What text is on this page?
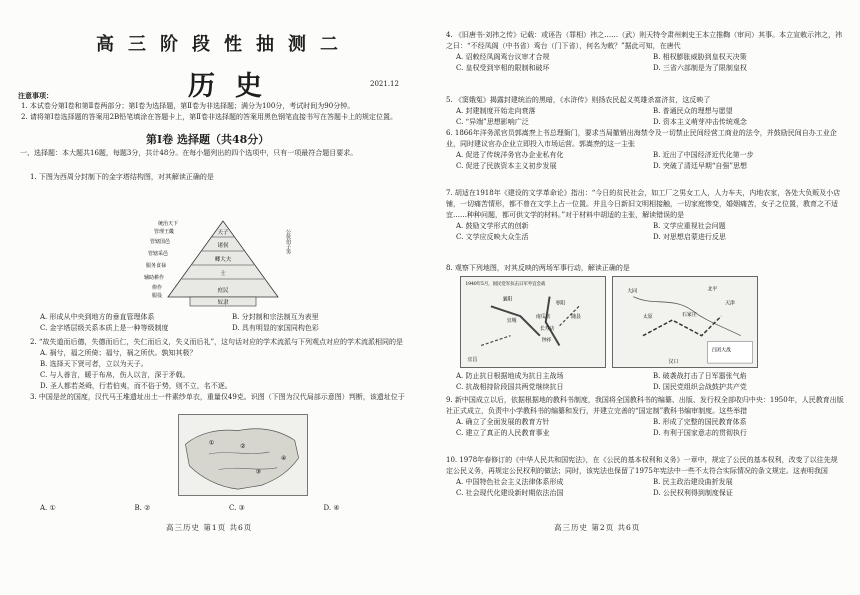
高三阶段性抽测二
历史	2021.12
注意事项：

1. 本试卷分第Ⅰ卷和第Ⅱ卷两部分；第Ⅰ卷为选择题，第Ⅱ卷为非选择题；满分为100分，考试时间为90分钟。

2. 请将第Ⅰ卷选择题的答案用2B铅笔填涂在答题卡上，第Ⅱ卷非选择题的答案用黑色钢笔直接书写在答题卡上的规定位置。

第Ⅰ卷 选择题（共48分）
一、选择题：本大题共16题，每题3分，共计48分。在每小题列出的四个选项中，只有一项最符合题目要求。

1. 下图为西周分封制下的金字塔结构图，对其解读正确的是

天子
诸侯
卿大夫
士
庶民
奴隶
统治天下
管理王畿
管辖国邑
管辖采邑
服务食禄
辅助耕作
俸作
服役
公侯伯子男
A. 形成从中央到地方的垂直管理体系	B. 分封制和宗法制互为表里
C. 金字塔层级关系本质上是一种等级制度	D. 具有明显的家国同构色彩

2. “故失道而后德，失德而后仁，失仁而后义，失义而后礼”，这句话对应的学术流派与下列观点对应的学术流派相同的是

A. 祸兮，福之所倚；福兮，祸之所伏。孰知其极？
B. 选择天下贤可者，立以为天子。
C. 与人善言，暖于布帛，伤人以言，深于矛戟。
D. 圣人都若尧舜，行若伯夷，而不俗于势，则不立，名不逐。

3. 中国是丝的国度，汉代马王堆遗址出土一件素纱单衣，重量仅49克。识图（下图为汉代局部示意图）判断，该遗址位于

①
②
③
④
A. ①	B. ②	C. ③	D. ④
高三历史 第1页 共6页

4. 《旧唐书·刘祎之传》记载：或诬告（罪相）祎之……（武）则天特令肃州刺史王本立推鞫（审问）其事。本立宣敕示祎之，祎之曰：“不经凤阁（中书省）鸾台（门下省），何名为敕？”据此可知，在唐代

A. 诏敕经凤阁鸾台议审才合规	B. 相权膨胀威胁到皇权天决策
C. 皇权受到宰相的限制和破坏	D. 三省六部制是为了限制皇权

5. 《窦娥冤》揭露封建统治的黑暗，《水浒传》则扬农民起义英雄杀富济贫，这反映了

A. 封建制度开始走向衰落	B. 普通民众的理想与愿望
C. “异端”思想影响广泛	D. 资本主义萌芽冲击传统观念

6. 1866年洋务派官员郭嵩焘上书总理衙门，要求当局撤销出海禁令及一切禁止民间经营工商业的法令，并鼓励民间自办工业企业，同时建议官办企业立即投入市场运营。郭嵩焘的这一主张

A. 促进了传统洋务官办企业私有化	B. 近出了中国经济近代化第一步
C. 促进了民族资本主义初步发展	D. 突破了清廷早期“自强”思想

7. 胡适在1918年《建设的文学革命论》指出：“今日的贫民社会，如工厂之男女工人，人力车夫，内地农家，各处大负贩及小店铺，一切痛苦情形，都不曾在文学上占一位置。并且今日新旧文明相接触，一切家庭惨变，婚姻痛苦，女子之位置，教育之不适宜……种种问题，都可供文学的材料。”对于材料中胡适的主张，解读错误的是

A. 鼓励文学形式的创新	B. 文学应重视社会问题
C. 文学应反映大众生活	D. 对思想启蒙进行反思

8. 观察下列地图，对其反映的两场军事行动，解读正确的是

1940年5月，国民党军抗击日军枣宜会战
襄阳
枣阳
宜城
南瓜店	随县
长寿店
钟祥
宜昌
大同	北平
石家庄
太原
天津
百团大战
汉口
A. 防止抗日根据地成为抗日主战场	B. 破袭战打击了日军嚣张气焰
C. 抗战相持阶段国共两党继续抗日	D. 国民党组织会战鼓护共产党

9. 新中国成立以后，依据根据地的教科书制度，我国将全国教科书的编纂、出版、发行权全部收归中央：1950年，人民教育出版社正式成立，负责中小学教科书的编纂和发行，并建立完善的“国定制”教科书编审制度。这些举措

A. 确立了全面发展的教育方针	B. 形成了完整的国民教育体系
C. 建立了真正的人民教育事业	D. 有利于国家意志的贯彻执行

10. 1978年春修订的《中华人民共和国宪法》，在《公民的基本权利和义务》一章中，规定了公民的基本权利，改变了以往先规定公民义务，再规定公民权利的做法；同时，该宪法也保留了1975年宪法中一些不太符合实际情况的条文规定。这表明我国

A. 中国特色社会主义法律体系形成	B. 民主政治建设曲折发展
C. 社会现代化建设新时期依法治国	D. 公民权利得到制度保证
高三历史 第2页 共6页
